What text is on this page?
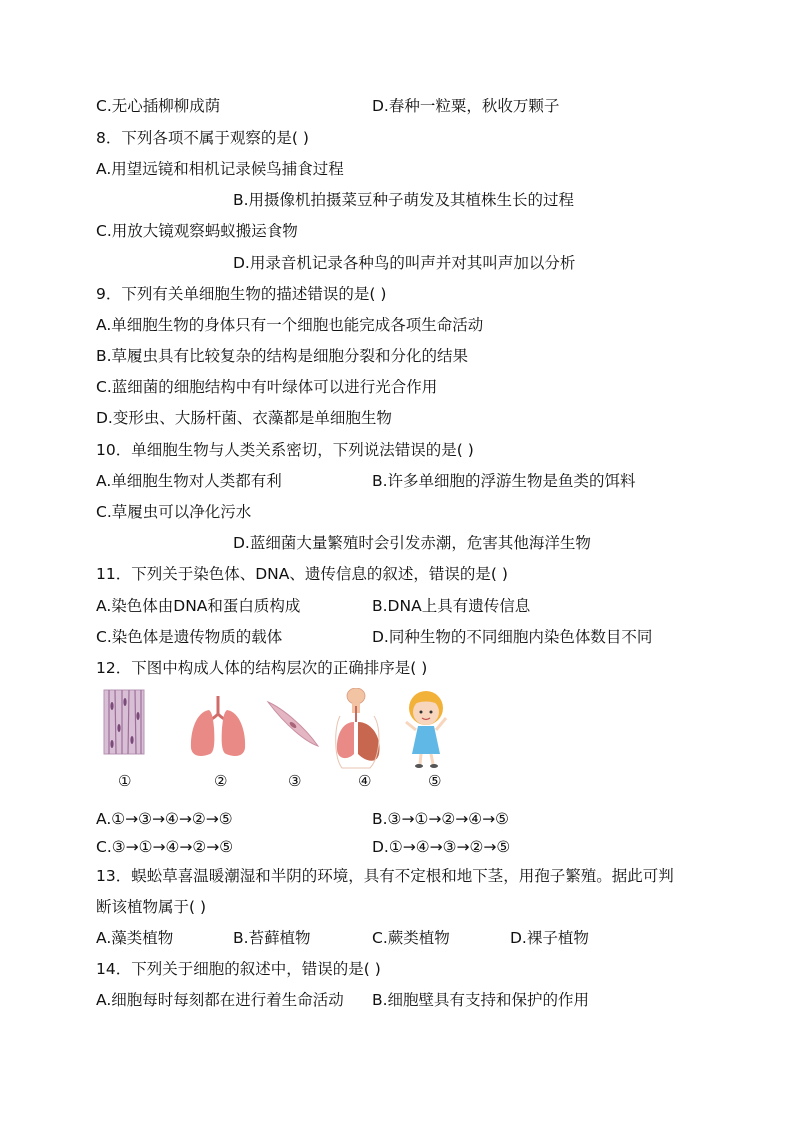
C.无心插柳柳成荫	D.春种一粒粟，秋收万颗子
8．下列各项不属于观察的是( )
A.用望远镜和相机记录候鸟捕食过程
B.用摄像机拍摄菜豆种子萌发及其植株生长的过程
C.用放大镜观察蚂蚁搬运食物
D.用录音机记录各种鸟的叫声并对其叫声加以分析
9．下列有关单细胞生物的描述错误的是( )
A.单细胞生物的身体只有一个细胞也能完成各项生命活动
B.草履虫具有比较复杂的结构是细胞分裂和分化的结果
C.蓝细菌的细胞结构中有叶绿体可以进行光合作用
D.变形虫、大肠杆菌、衣藻都是单细胞生物
10．单细胞生物与人类关系密切，下列说法错误的是( )
A.单细胞生物对人类都有利	B.许多单细胞的浮游生物是鱼类的饵料
C.草履虫可以净化污水
D.蓝细菌大量繁殖时会引发赤潮，危害其他海洋生物
11．下列关于染色体、DNA、遗传信息的叙述，错误的是( )
A.染色体由DNA和蛋白质构成	B.DNA上具有遗传信息
C.染色体是遗传物质的载体	D.同种生物的不同细胞内染色体数目不同
12．下图中构成人体的结构层次的正确排序是( )
①	②	③	④	⑤
A.①→③→④→②→⑤	B.③→①→②→④→⑤
C.③→①→④→②→⑤	D.①→④→③→②→⑤
13．蜈蚣草喜温暖潮湿和半阴的环境，具有不定根和地下茎，用孢子繁殖。据此可判
断该植物属于( )
A.藻类植物	B.苔藓植物	C.蕨类植物	D.裸子植物
14．下列关于细胞的叙述中，错误的是( )
A.细胞每时每刻都在进行着生命活动 B.细胞壁具有支持和保护的作用
